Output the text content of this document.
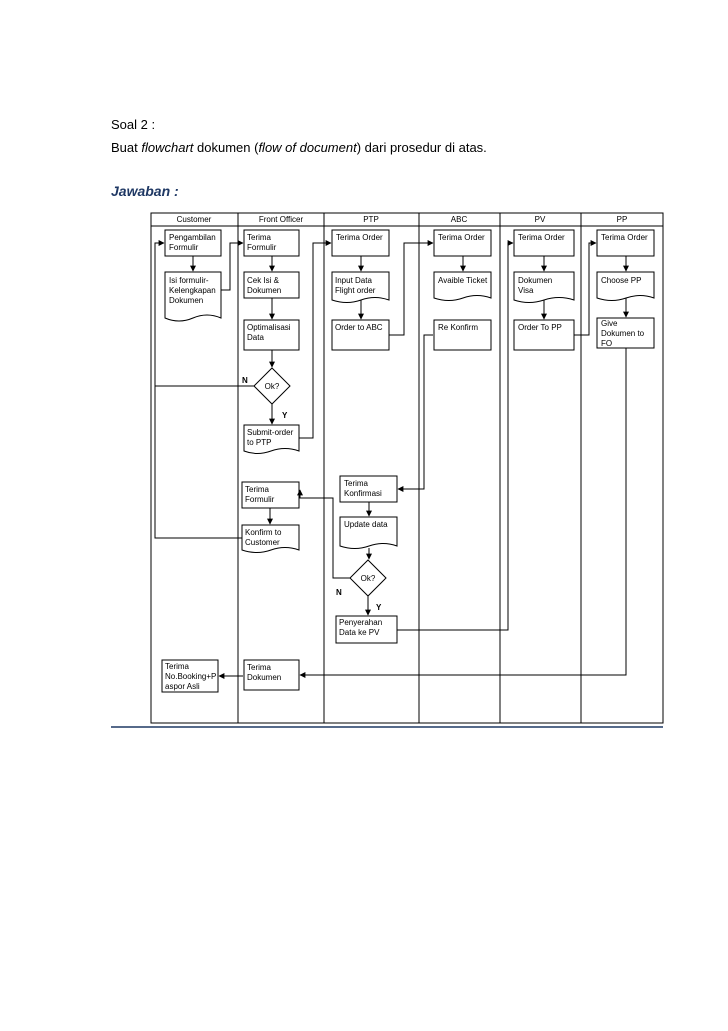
Soal 2 :
Buat flowchart dokumen (flow of document) dari prosedur di atas.
Jawaban :
Customer	Front Officer	PTP	ABC	PV	PP
Pengambilan Formulir
Isi formulir-Kelengkapan Dokumen
Terima No.Booking+P aspor Asli
Terima Formulir
Cek Isi & Dokumen
Optimalisasi Data
Ok?
Submit-order to PTP
Terima Formulir
Konfirm to Customer
Terima Dokumen
Terima Order
Input Data Flight order
Order to ABC
Terima Konfirmasi
Update data
Ok?
Penyerahan Data ke PV
Terima Order
Avaible Ticket
Re Konfirm
Terima Order
Dokumen Visa
Order To PP
Terima Order
Choose PP
Give Dokumen to FO
N
Y
N
Y
